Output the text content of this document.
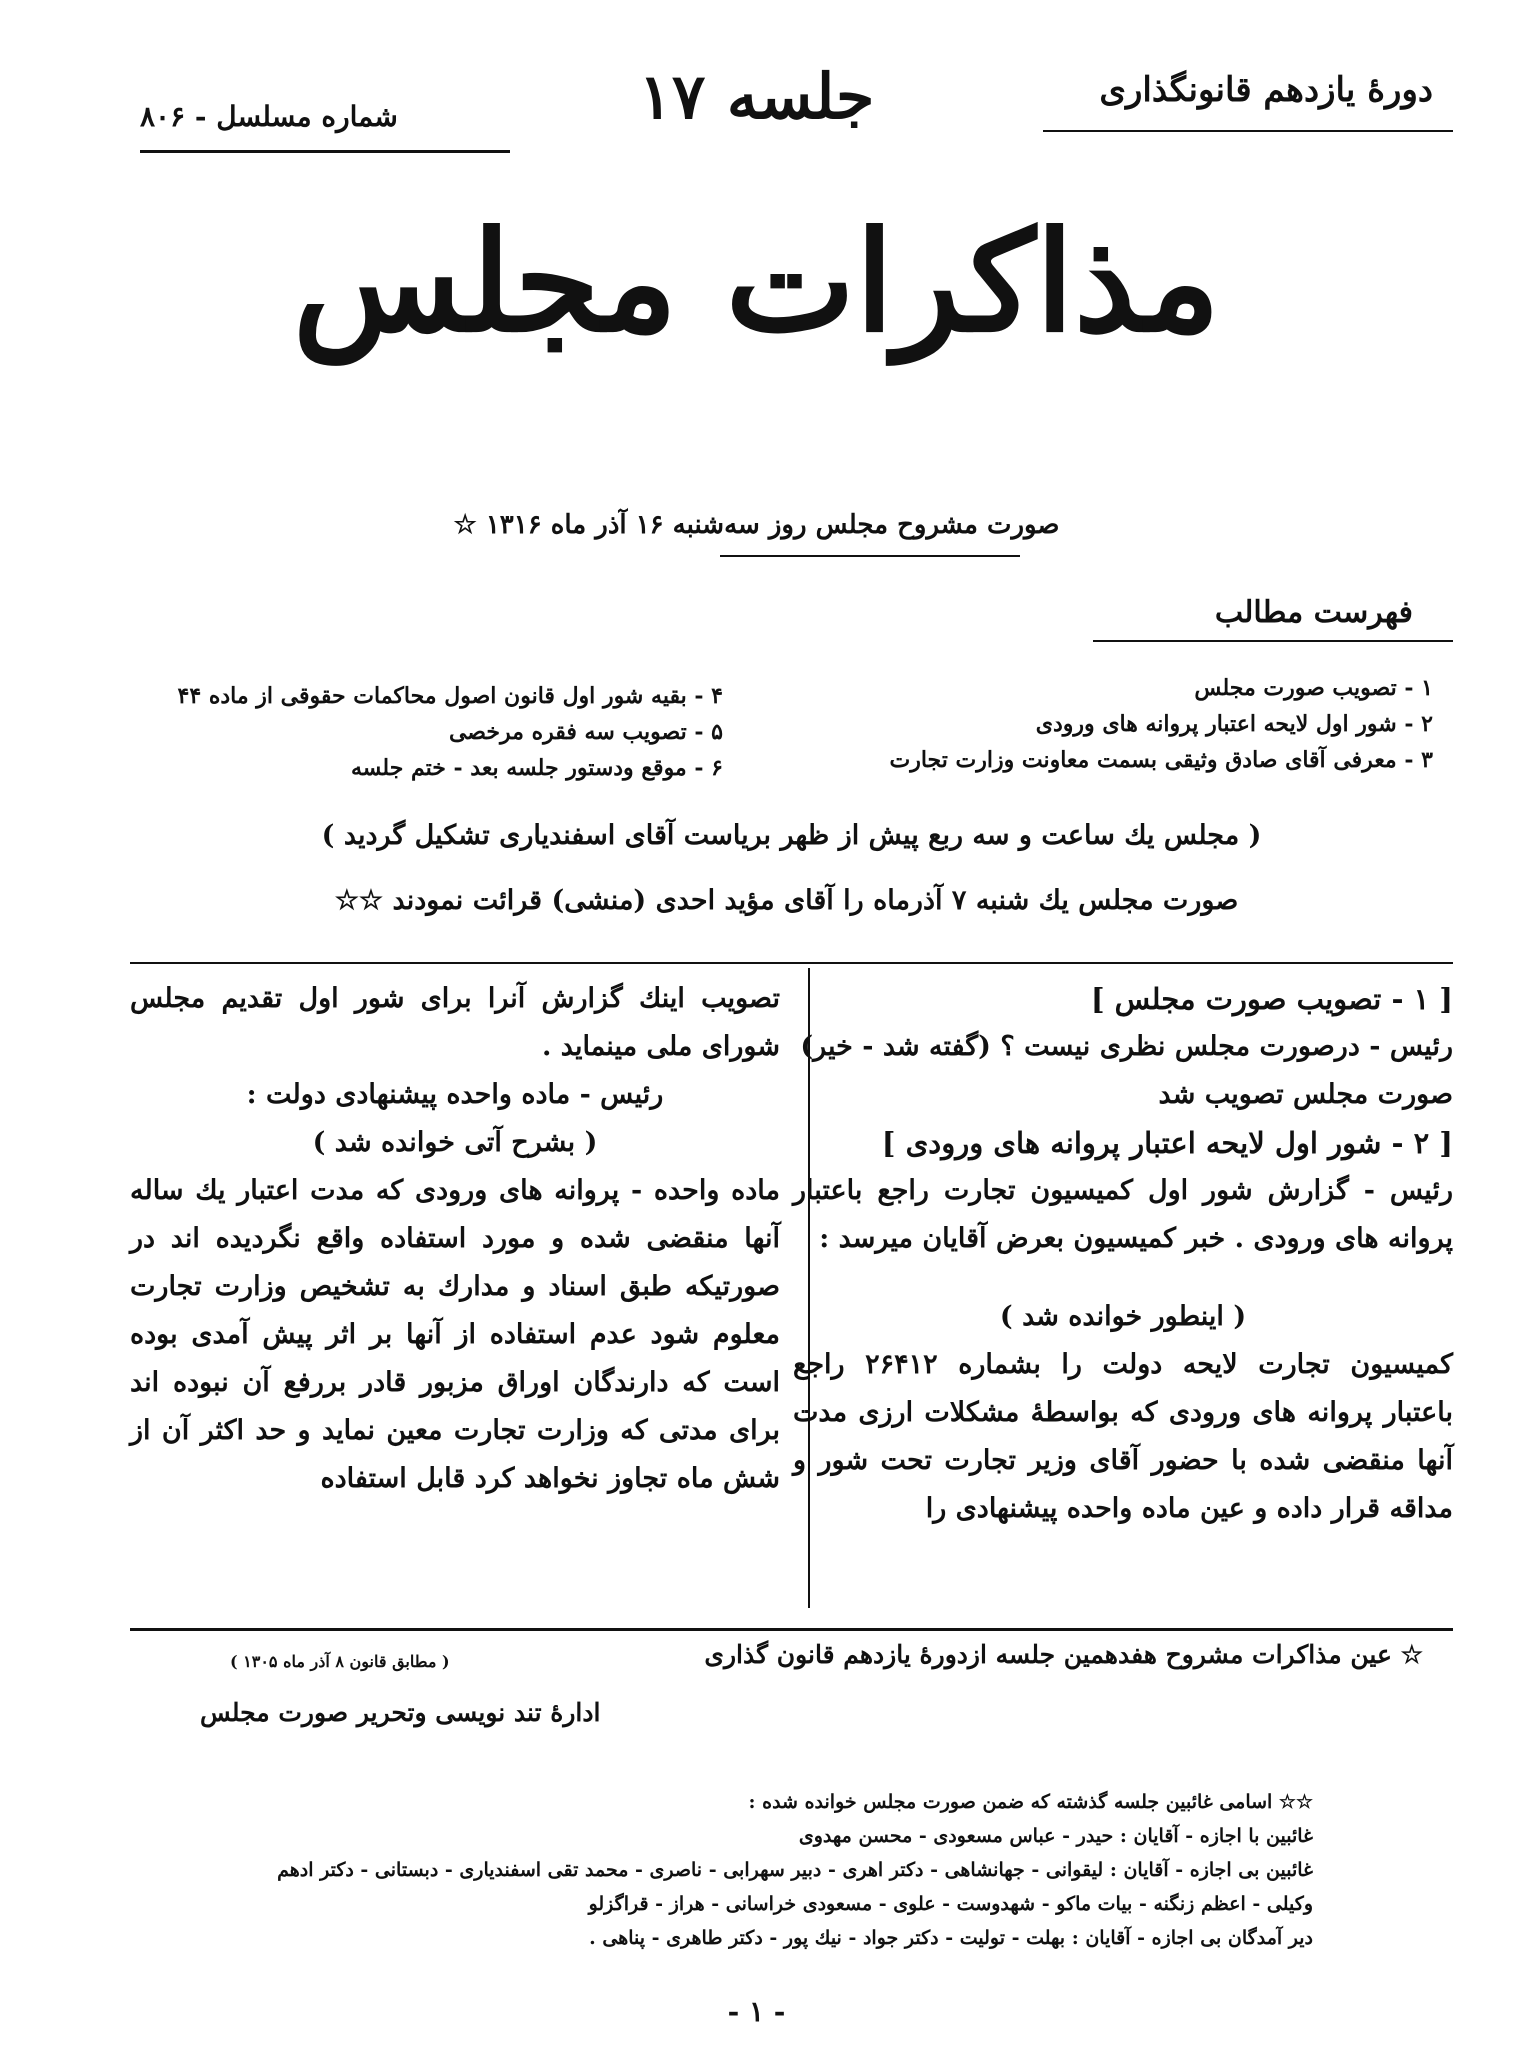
دورۀ یازدهم قانونگذاری
جلسه ۱۷
شماره مسلسل - ۸۰۶
مذاکرات مجلس
صورت مشروح مجلس روز سه‌شنبه ۱۶ آذر ماه ۱۳۱۶ ☆
فهرست مطالب
۱ - تصویب صورت مجلس
۲ - شور اول لایحه اعتبار پروانه های ورودی
۳ - معرفی آقای صادق وثیقی بسمت معاونت وزارت تجارت
۴ - بقیه شور اول قانون اصول محاکمات حقوقی از ماده ۴۴
۵ - تصویب سه فقره مرخصی
۶ - موقع ودستور جلسه بعد - ختم جلسه
( مجلس یك ساعت و سه ربع پیش از ظهر بریاست آقای اسفندیاری تشکیل گردید )
صورت مجلس یك شنبه ۷ آذرماه را آقای مؤید احدی (منشی) قرائت نمودند ☆☆
[ ۱ - تصویب صورت مجلس ]

رئیس - درصورت مجلس نظری نیست ؟ (گفته شد - خیر)

صورت مجلس تصویب شد

[ ۲ - شور اول لایحه اعتبار پروانه های ورودی ]

رئیس - گزارش شور اول کمیسیون تجارت راجع باعتبار پروانه های ورودی . خبر کمیسیون بعرض آقایان میرسد :

( اینطور خوانده شد )

کمیسیون تجارت لایحه دولت را بشماره ۲۶۴۱۲ راجع باعتبار پروانه های ورودی که بواسطهٔ مشکلات ارزی مدت آنها منقضی شده با حضور آقای وزیر تجارت تحت شور و مداقه قرار داده و عین ماده واحده پیشنهادی را

تصویب اینك گزارش آنرا برای شور اول تقدیم مجلس شورای ملی مینماید .

رئیس - ماده واحده پیشنهادی دولت :

( بشرح آتی خوانده شد )

ماده واحده - پروانه های ورودی که مدت اعتبار یك ساله آنها منقضی شده و مورد استفاده واقع نگردیده اند در صورتیکه طبق اسناد و مدارك به تشخیص وزارت تجارت معلوم شود عدم استفاده از آنها بر اثر پیش آمدی بوده است که دارندگان اوراق مزبور قادر بررفع آن نبوده اند برای مدتی که وزارت تجارت معین نماید و حد اکثر آن از شش ماه تجاوز نخواهد کرد قابل استفاده

☆ عین مذاکرات مشروح هفدهمین جلسه ازدورهٔ یازدهم قانون گذاری
( مطابق قانون ۸ آذر ماه ۱۳۰۵ )
ادارهٔ تند نویسی وتحریر صورت مجلس
☆☆ اسامی غائبین جلسه گذشته که ضمن صورت مجلس خوانده شده :
غائبین با اجازه - آقایان : حیدر - عباس مسعودی - محسن مهدوی
غائبین بی اجازه - آقایان : لیقوانی - جهانشاهی - دکتر اهری - دبیر سهرابی - ناصری - محمد تقی اسفندیاری - دبستانی - دکتر ادهم
وکیلی - اعظم زنگنه - بیات ماکو - شهدوست - علوی - مسعودی خراسانی - هراز - قراگزلو
دیر آمدگان بی اجازه - آقایان : بهلت - توليت - دکتر جواد - نیك پور - دکتر طاهری - پناهی .
- ۱ -
